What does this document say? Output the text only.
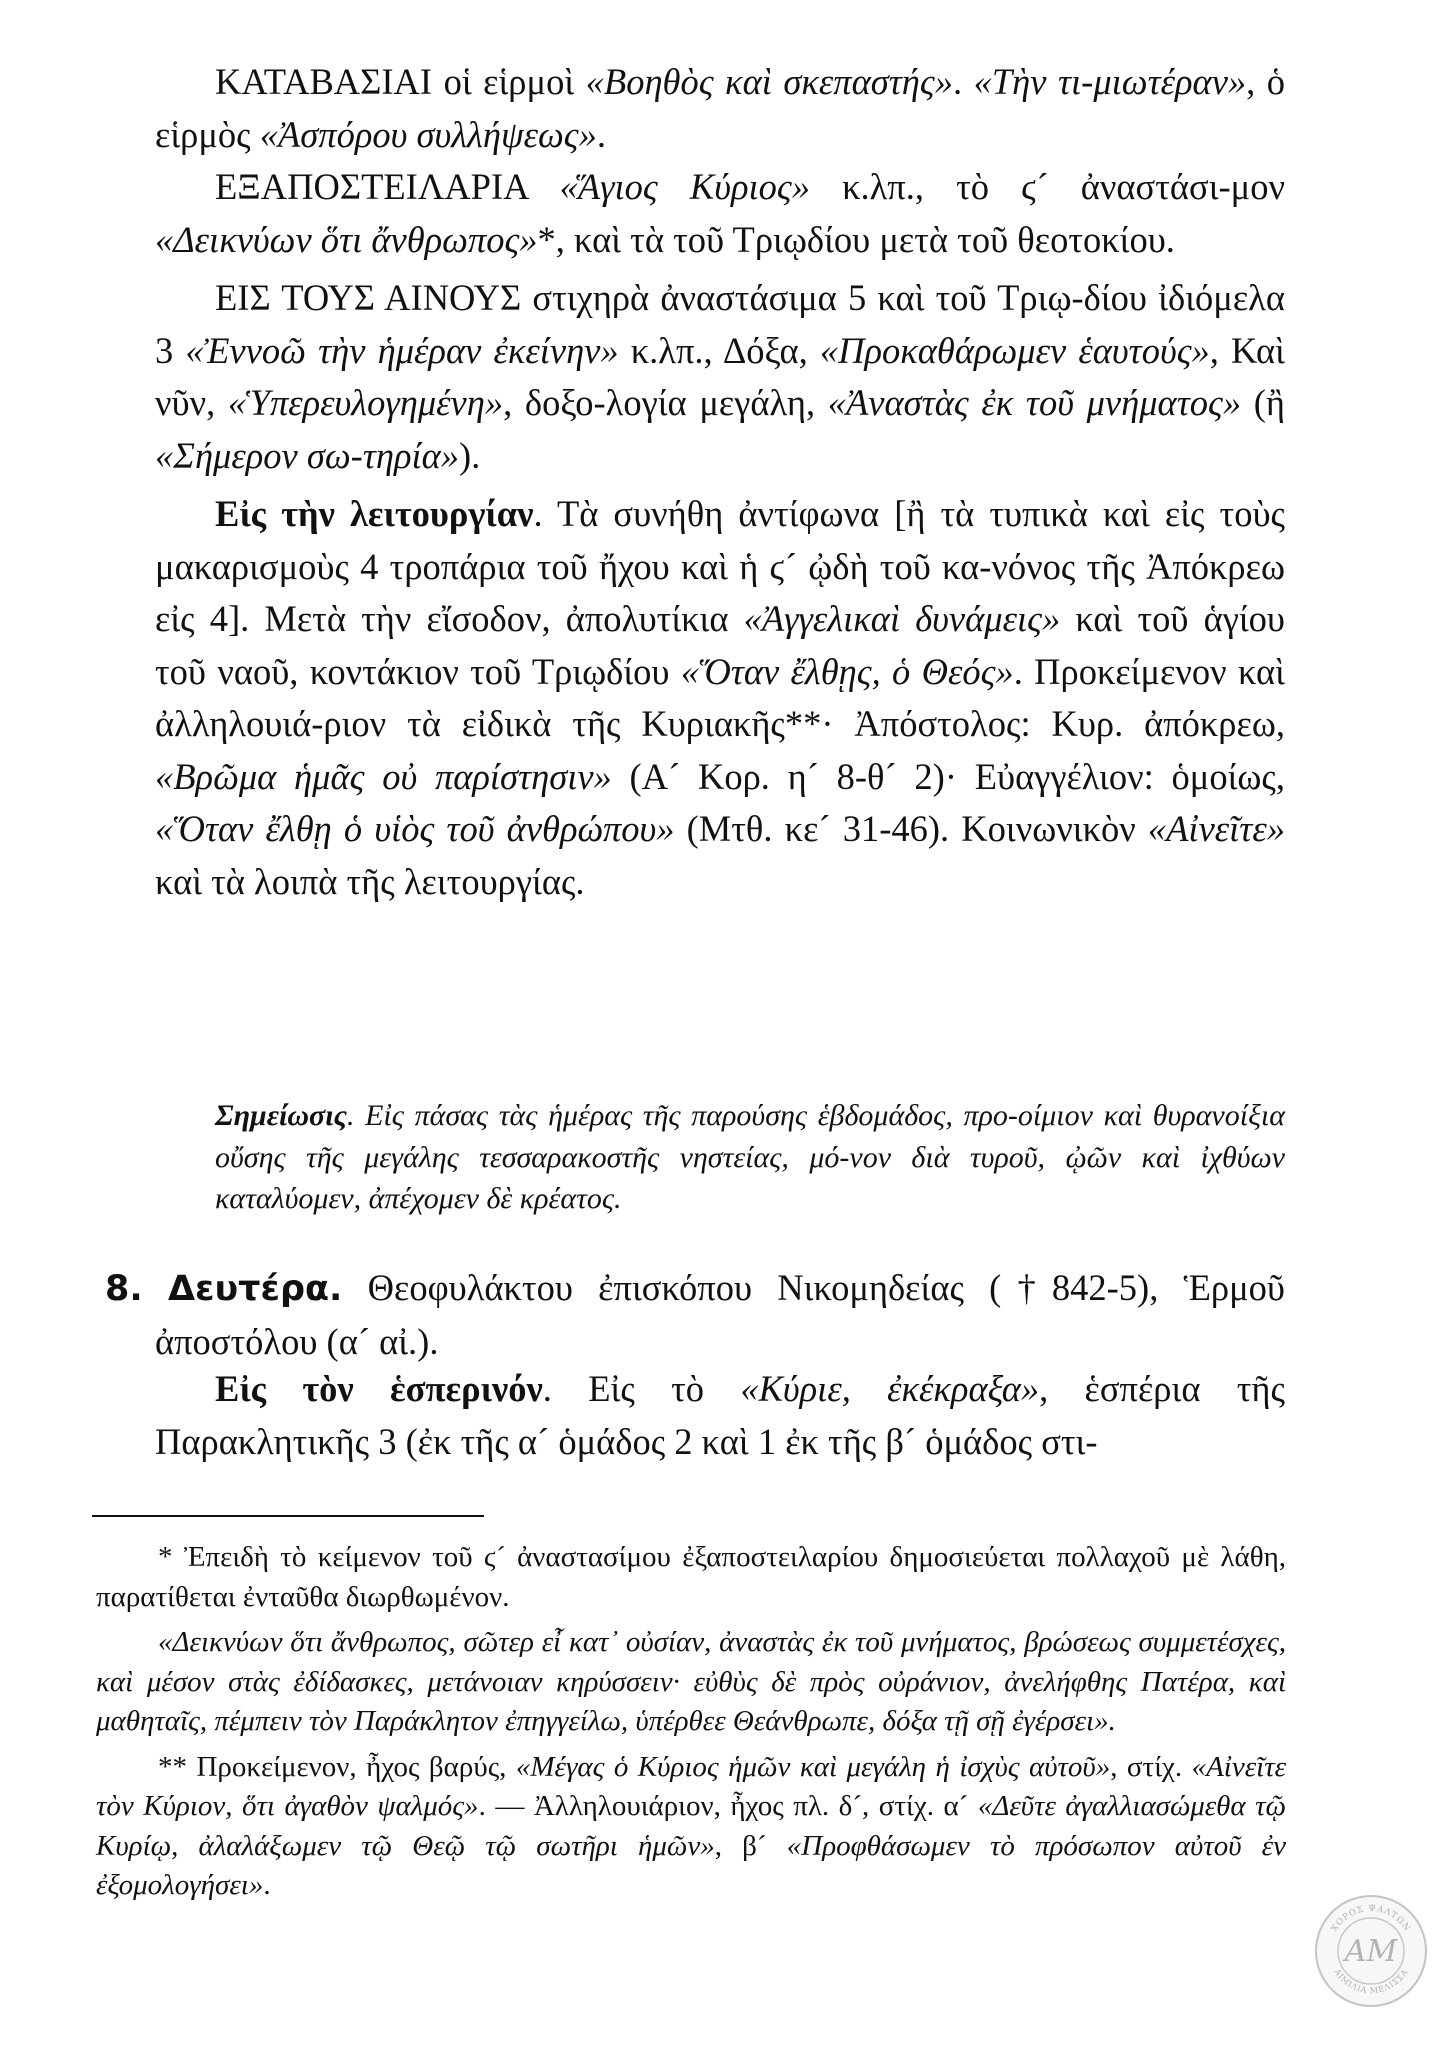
ΚΑΤΑΒΑΣΙΑΙ οἱ εἱρμοὶ «Βοηθὸς καὶ σκεπαστής». «Τὴν τι-μιωτέραν», ὁ εἱρμὸς «Ἀσπόρου συλλήψεως».

ΕΞΑΠΟΣΤΕΙΛΑΡΙΑ «Ἅγιος Κύριος» κ.λπ., τὸ ϛ´ ἀναστάσι-μον «Δεικνύων ὅτι ἄνθρωπος»*, καὶ τὰ τοῦ Τριῳδίου μετὰ τοῦ θεοτοκίου.

ΕΙΣ ΤΟΥΣ ΑΙΝΟΥΣ στιχηρὰ ἀναστάσιμα 5 καὶ τοῦ Τριῳ-δίου ἰδιόμελα 3 «Ἐννοῶ τὴν ἡμέραν ἐκείνην» κ.λπ., Δόξα, «Προκαθάρωμεν ἑαυτούς», Καὶ νῦν, «Ὑπερευλογημένη», δοξο-λογία μεγάλη, «Ἀναστὰς ἐκ τοῦ μνήματος» (ἢ «Σήμερον σω-τηρία»).

Εἰς τὴν λειτουργίαν. Τὰ συνήθη ἀντίφωνα [ἢ τὰ τυπικὰ καὶ εἰς τοὺς μακαρισμοὺς 4 τροπάρια τοῦ ἤχου καὶ ἡ ϛ´ ᾠδὴ τοῦ κα-νόνος τῆς Ἀπόκρεω εἰς 4]. Μετὰ τὴν εἴσοδον, ἀπολυτίκια «Ἀγγελικαὶ δυνάμεις» καὶ τοῦ ἁγίου τοῦ ναοῦ, κοντάκιον τοῦ Τριῳδίου «Ὅταν ἔλθῃς, ὁ Θεός». Προκείμενον καὶ ἀλληλουιά-ριον τὰ εἰδικὰ τῆς Κυριακῆς**· Ἀπόστολος: Κυρ. ἀπόκρεω, «Βρῶμα ἡμᾶς οὐ παρίστησιν» (Α´ Κορ. η´ 8-θ´ 2)· Εὐαγγέλιον: ὁμοίως, «Ὅταν ἔλθῃ ὁ υἱὸς τοῦ ἀνθρώπου» (Μτθ. κε´ 31-46). Κοινωνικὸν «Αἰνεῖτε» καὶ τὰ λοιπὰ τῆς λειτουργίας.

Σημείωσις. Εἰς πάσας τὰς ἡμέρας τῆς παρούσης ἑβδομάδος, προ-οίμιον καὶ θυρανοίξια οὔσης τῆς μεγάλης τεσσαρακοστῆς νηστείας, μό-νον διὰ τυροῦ, ᾠῶν καὶ ἰχθύων καταλύομεν, ἀπέχομεν δὲ κρέατος.

8. Δευτέρα. Θεοφυλάκτου ἐπισκόπου Νικομηδείας (†842-5), Ἑρμοῦ ἀποστόλου (α´ αἰ.).

Εἰς τὸν ἑσπερινόν. Εἰς τὸ «Κύριε, ἐκέκραξα», ἑσπέρια τῆς Παρακλητικῆς 3 (ἐκ τῆς α´ ὁμάδος 2 καὶ 1 ἐκ τῆς β´ ὁμάδος στι-

* Ἐπειδὴ τὸ κείμενον τοῦ ϛ´ ἀναστασίμου ἐξαποστειλαρίου δημοσιεύεται πολλαχοῦ μὲ λάθη, παρατίθεται ἐνταῦθα διωρθωμένον.

«Δεικνύων ὅτι ἄνθρωπος, σῶτερ εἶ κατ᾽ οὐσίαν, ἀναστὰς ἐκ τοῦ μνήματος, βρώσεως συμμετέσχες, καὶ μέσον στὰς ἐδίδασκες, μετάνοιαν κηρύσσειν· εὐθὺς δὲ πρὸς οὐράνιον, ἀνελήφθης Πατέρα, καὶ μαθηταῖς, πέμπειν τὸν Παράκλητον ἐπηγγείλω, ὑπέρθεε Θεάνθρωπε, δόξα τῇ σῇ ἐγέρσει».

** Προκείμενον, ἦχος βαρύς, «Μέγας ὁ Κύριος ἡμῶν καὶ μεγάλη ἡ ἰσχὺς αὐτοῦ», στίχ. «Αἰνεῖτε τὸν Κύριον, ὅτι ἀγαθὸν ψαλμός». — Ἀλληλουιάριον, ἦχος πλ. δ´, στίχ. α´ «Δεῦτε ἀγαλλιασώμεθα τῷ Κυρίῳ, ἀλαλάξωμεν τῷ Θεῷ τῷ σωτῆρι ἡμῶν», β´ «Προφθάσωμεν τὸ πρόσωπον αὐτοῦ ἐν ἐξομολογήσει».

ΧΟΡΟΣ ΨΑΛΤΩΝ
ΑΙΜΙΛΙΑ ΜΕΛΙΣΣΑ
ΑΜ
